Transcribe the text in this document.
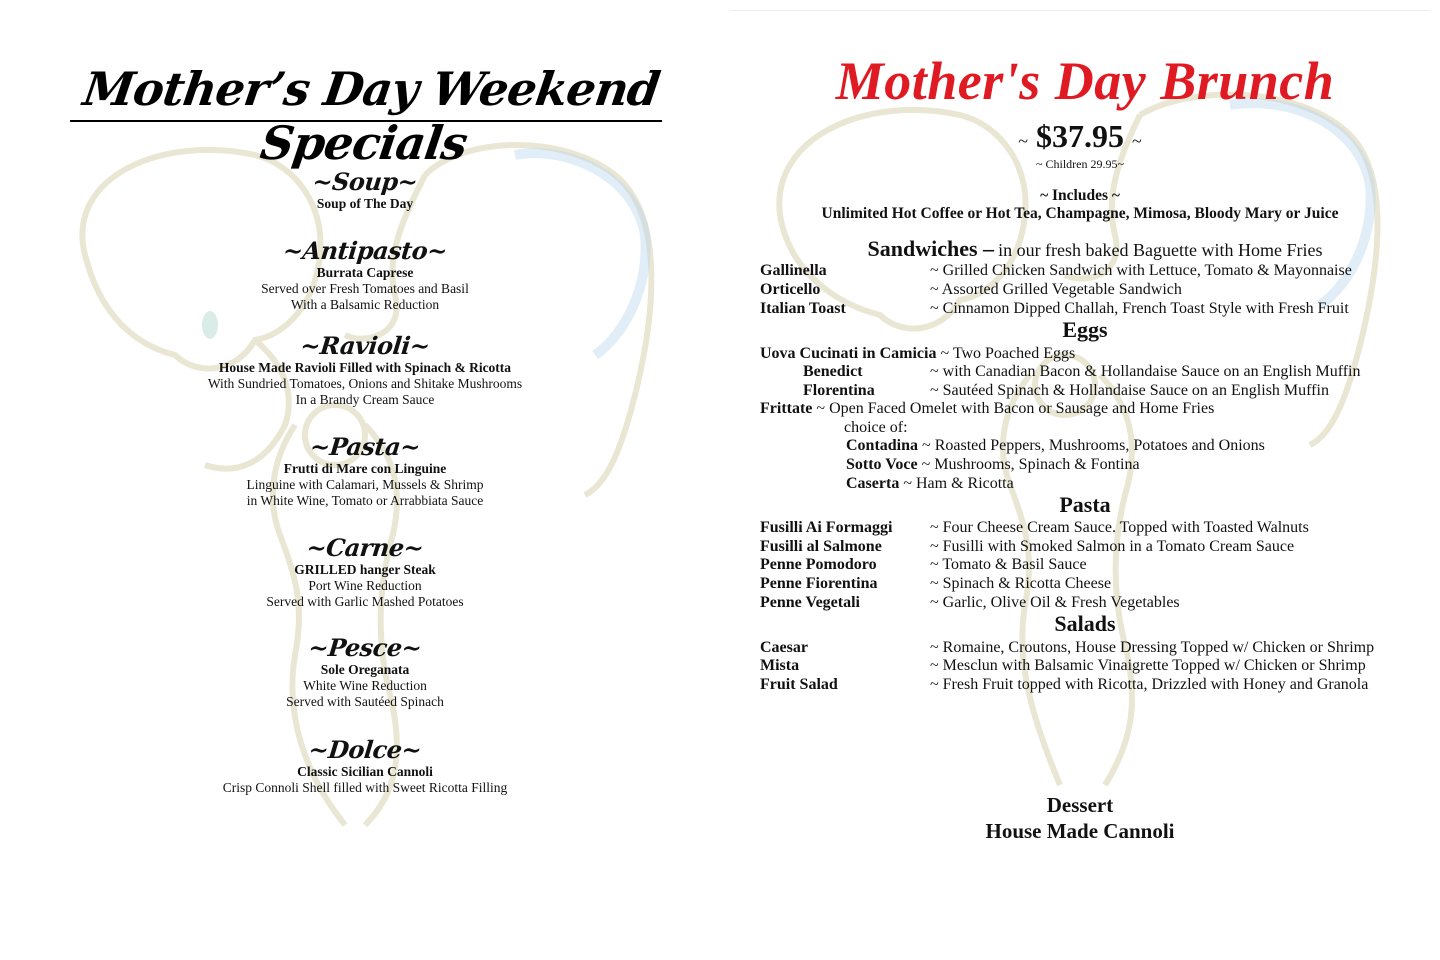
Mother’s Day Weekend Specials
~Soup~
Soup of The Day
~Antipasto~
Burrata Caprese
Served over Fresh Tomatoes and Basil
With a Balsamic Reduction
~Ravioli~
House Made Ravioli Filled with Spinach & Ricotta
With Sundried Tomatoes, Onions and Shitake Mushrooms
In a Brandy Cream Sauce
~Pasta~
Frutti di Mare con Linguine
Linguine with Calamari, Mussels & Shrimp
in White Wine, Tomato or Arrabbiata Sauce
~Carne~
GRILLED hanger Steak
Port Wine Reduction
Served with Garlic Mashed Potatoes
~Pesce~
Sole Oreganata
White Wine Reduction
Served with Sautéed Spinach
~Dolce~
Classic Sicilian Cannoli
Crisp Connoli Shell filled with Sweet Ricotta Filling
Mother's Day Brunch
~ $37.95 ~
~ Children 29.95~
~ Includes ~
Unlimited Hot Coffee or Hot Tea, Champagne, Mimosa, Bloody Mary or Juice
Sandwiches – in our fresh baked Baguette with Home Fries
Gallinella	~ Grilled Chicken Sandwich with Lettuce, Tomato & Mayonnaise
Orticello	~ Assorted Grilled Vegetable Sandwich
Italian Toast	~ Cinnamon Dipped Challah, French Toast Style with Fresh Fruit
Eggs
Uova Cucinati in Camicia ~ Two Poached Eggs
Benedict	~ with Canadian Bacon & Hollandaise Sauce on an English Muffin
Florentina	~ Sautéed Spinach & Hollandaise Sauce on an English Muffin
Frittate ~ Open Faced Omelet with Bacon or Sausage and Home Fries
choice of:
Contadina ~ Roasted Peppers, Mushrooms, Potatoes and Onions
Sotto Voce ~ Mushrooms, Spinach & Fontina
Caserta ~ Ham & Ricotta
Pasta
Fusilli Ai Formaggi ~ Four Cheese Cream Sauce. Topped with Toasted Walnuts
Fusilli al Salmone	~ Fusilli with Smoked Salmon in a Tomato Cream Sauce
Penne Pomodoro	~ Tomato & Basil Sauce
Penne Fiorentina	~ Spinach & Ricotta Cheese
Penne Vegetali	~ Garlic, Olive Oil & Fresh Vegetables
Salads
Caesar	~ Romaine, Croutons, House Dressing Topped w/ Chicken or Shrimp
Mista	~ Mesclun with Balsamic Vinaigrette Topped w/ Chicken or Shrimp
Fruit Salad	~ Fresh Fruit topped with Ricotta, Drizzled with Honey and Granola
Dessert
House Made Cannoli
